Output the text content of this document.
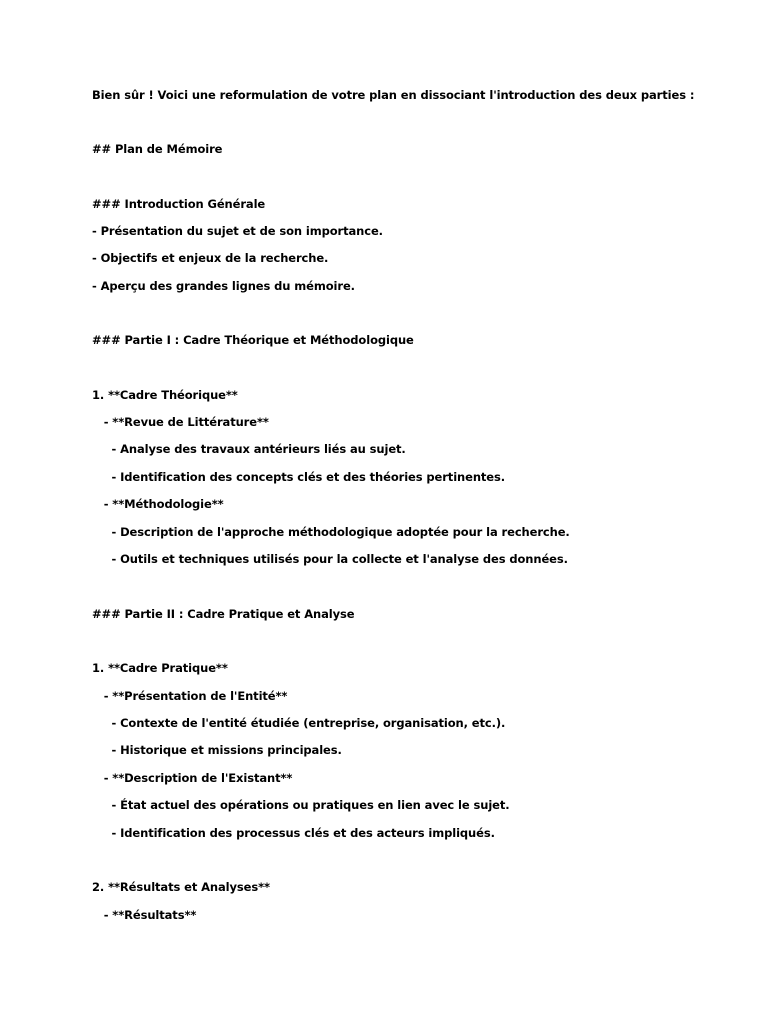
Bien sûr ! Voici une reformulation de votre plan en dissociant l'introduction des deux parties :

## Plan de Mémoire

### Introduction Générale

- Présentation du sujet et de son importance.

- Objectifs et enjeux de la recherche.

- Aperçu des grandes lignes du mémoire.

### Partie I : Cadre Théorique et Méthodologique

1. **Cadre Théorique**

- **Revue de Littérature**

- Analyse des travaux antérieurs liés au sujet.

- Identification des concepts clés et des théories pertinentes.

- **Méthodologie**

- Description de l'approche méthodologique adoptée pour la recherche.

- Outils et techniques utilisés pour la collecte et l'analyse des données.

### Partie II : Cadre Pratique et Analyse

1. **Cadre Pratique**

- **Présentation de l'Entité**

- Contexte de l'entité étudiée (entreprise, organisation, etc.).

- Historique et missions principales.

- **Description de l'Existant**

- État actuel des opérations ou pratiques en lien avec le sujet.

- Identification des processus clés et des acteurs impliqués.

2. **Résultats et Analyses**

- **Résultats**
